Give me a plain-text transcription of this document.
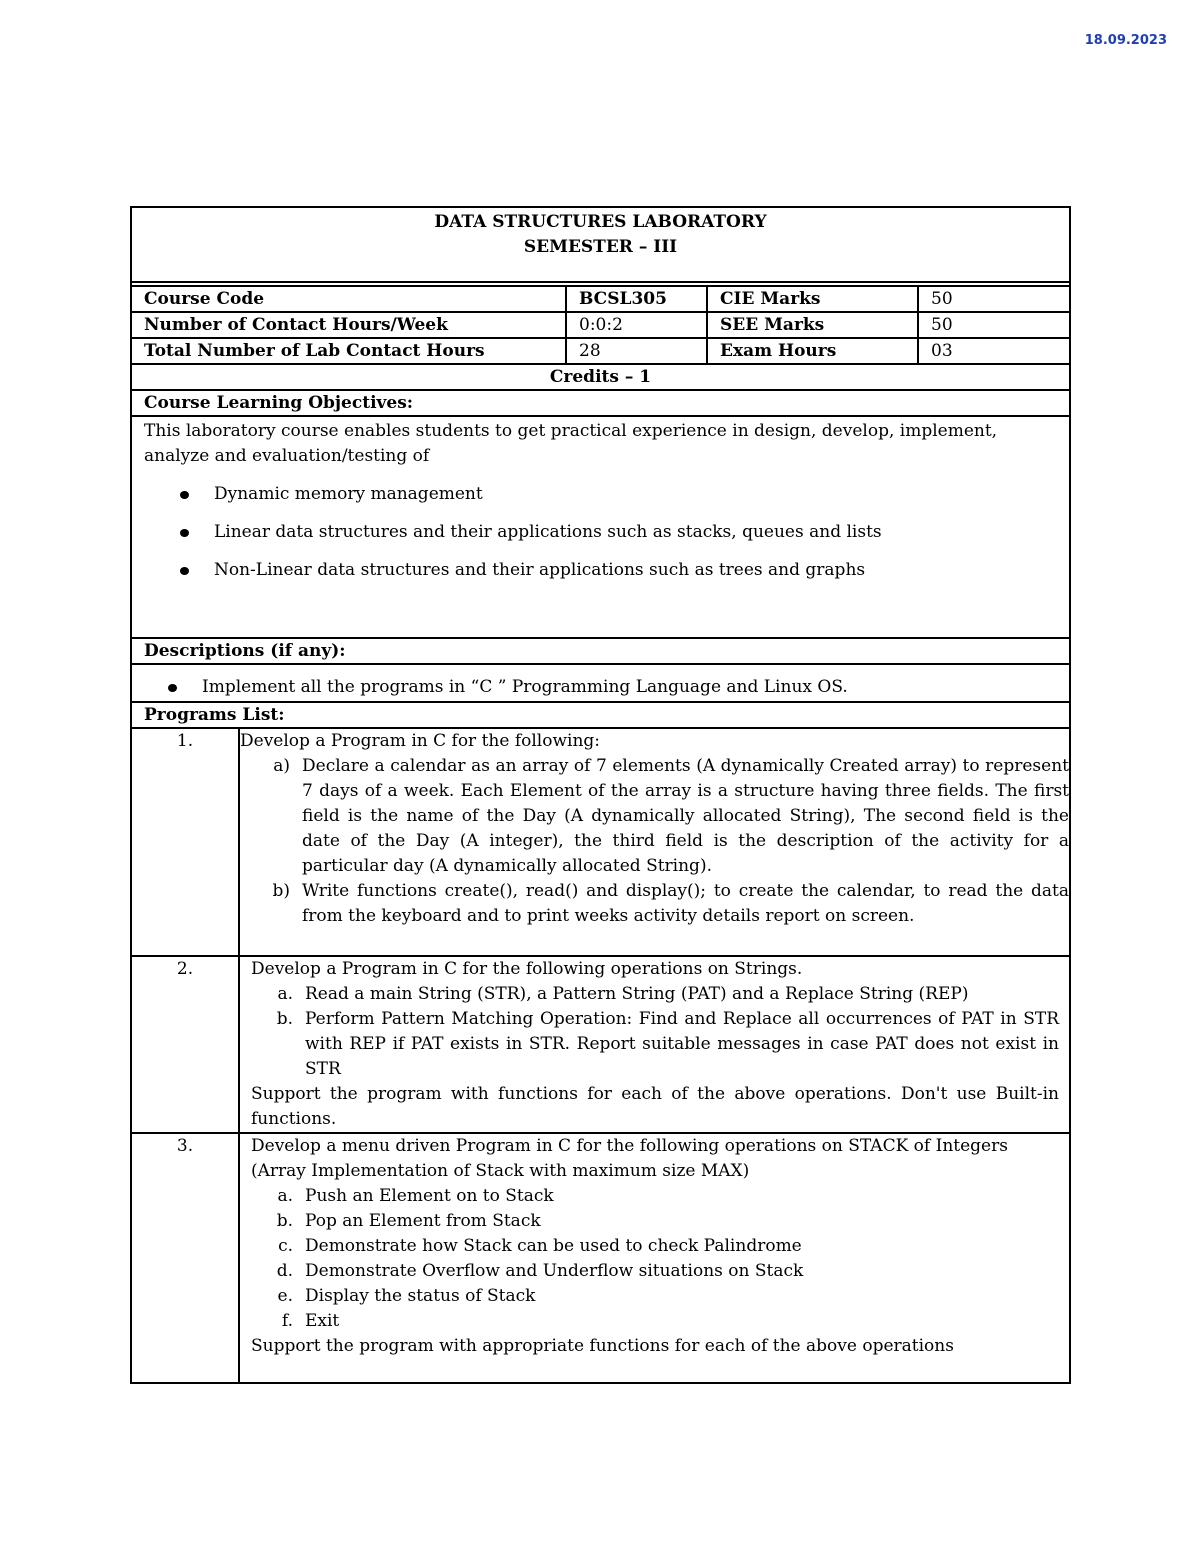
18.09.2023
DATA STRUCTURES LABORATORY
SEMESTER – III
Course Code	BCSL305	CIE Marks	50
Number of Contact Hours/Week	0:0:2	SEE Marks	50
Total Number of Lab Contact Hours	28	Exam Hours	03
Credits – 1
Course Learning Objectives:
This laboratory course enables students to get practical experience in design, develop, implement, analyze and evaluation/testing of
Dynamic memory management
Linear data structures and their applications such as stacks, queues and lists
Non-Linear data structures and their applications such as trees and graphs
Descriptions (if any):
Implement all the programs in “C ” Programming Language and Linux OS.
Programs List:
1.	Develop a Program in C for the following:
a) Declare a calendar as an array of 7 elements (A dynamically Created array) to represent 7 days of a week. Each Element of the array is a structure having three fields. The first field is the name of the Day (A dynamically allocated String), The second field is the date of the Day (A integer), the third field is the description of the activity for a particular day (A dynamically allocated String).
b) Write functions create(), read() and display(); to create the calendar, to read the data from the keyboard and to print weeks activity details report on screen.
2.	Develop a Program in C for the following operations on Strings.
a. Read a main String (STR), a Pattern String (PAT) and a Replace String (REP)
b. Perform Pattern Matching Operation: Find and Replace all occurrences of PAT in STR with REP if PAT exists in STR. Report suitable messages in case PAT does not exist in STR
Support the program with functions for each of the above operations. Don't use Built-in functions.
3.	Develop a menu driven Program in C for the following operations on STACK of Integers (Array Implementation of Stack with maximum size MAX)
a. Push an Element on to Stack
b. Pop an Element from Stack
c. Demonstrate how Stack can be used to check Palindrome
d. Demonstrate Overflow and Underflow situations on Stack
e. Display the status of Stack
f. Exit
Support the program with appropriate functions for each of the above operations
